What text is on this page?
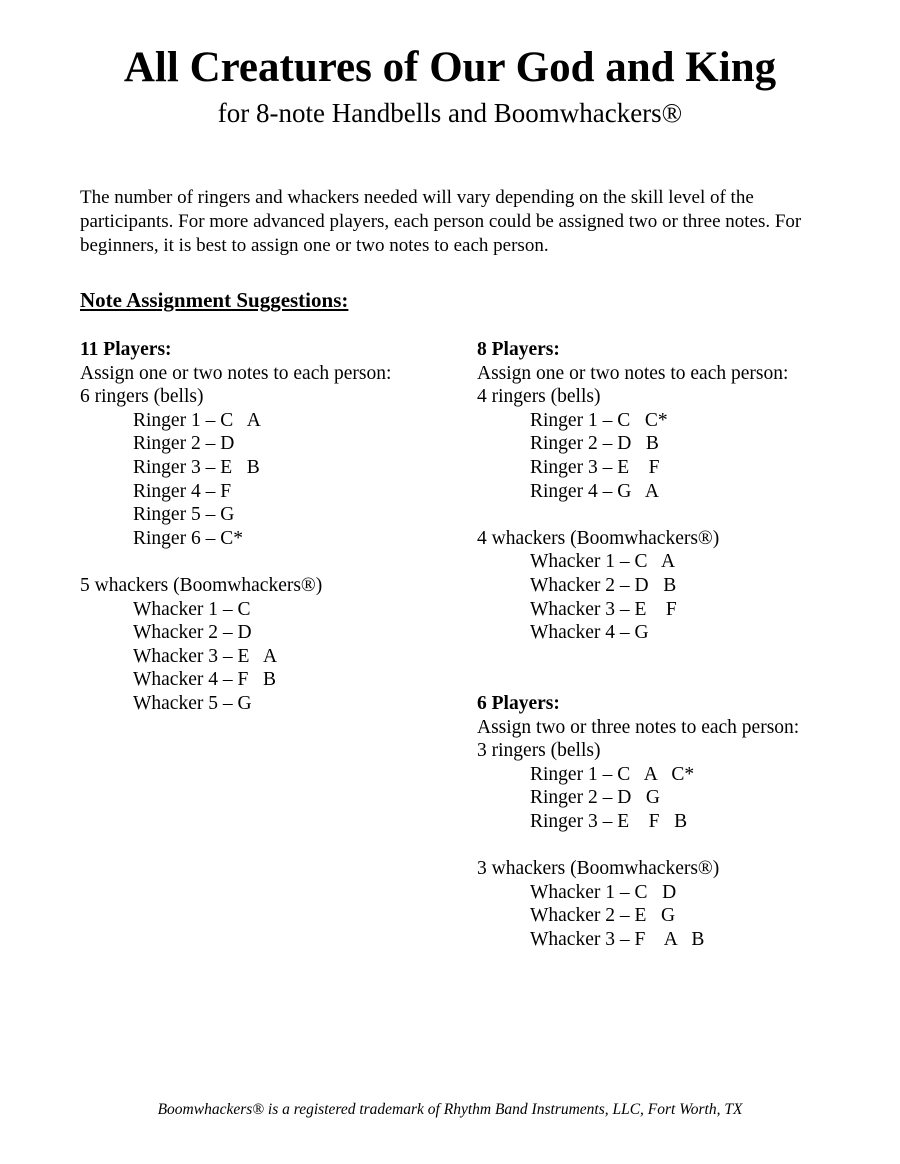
All Creatures of Our God and King

for 8-note Handbells and Boomwhackers®

The number of ringers and whackers needed will vary depending on the skill level of the participants. For more advanced players, each person could be assigned two or three notes. For beginners, it is best to assign one or two notes to each person.

Note Assignment Suggestions:

11 Players:
Assign one or two notes to each person:
6 ringers (bells)
Ringer 1 – C   A
Ringer 2 – D
Ringer 3 – E   B
Ringer 4 – F
Ringer 5 – G
Ringer 6 – C*
5 whackers (Boomwhackers®)
Whacker 1 – C
Whacker 2 – D
Whacker 3 – E   A
Whacker 4 – F   B
Whacker 5 – G
8 Players:
Assign one or two notes to each person:
4 ringers (bells)
Ringer 1 – C   C*
Ringer 2 – D   B
Ringer 3 – E    F
Ringer 4 – G   A
4 whackers (Boomwhackers®)
Whacker 1 – C   A
Whacker 2 – D   B
Whacker 3 – E    F
Whacker 4 – G
6 Players:
Assign two or three notes to each person:
3 ringers (bells)
Ringer 1 – C   A   C*
Ringer 2 – D   G
Ringer 3 – E    F   B
3 whackers (Boomwhackers®)
Whacker 1 – C   D
Whacker 2 – E   G
Whacker 3 – F    A   B

Boomwhackers® is a registered trademark of Rhythm Band Instruments, LLC, Fort Worth, TX
